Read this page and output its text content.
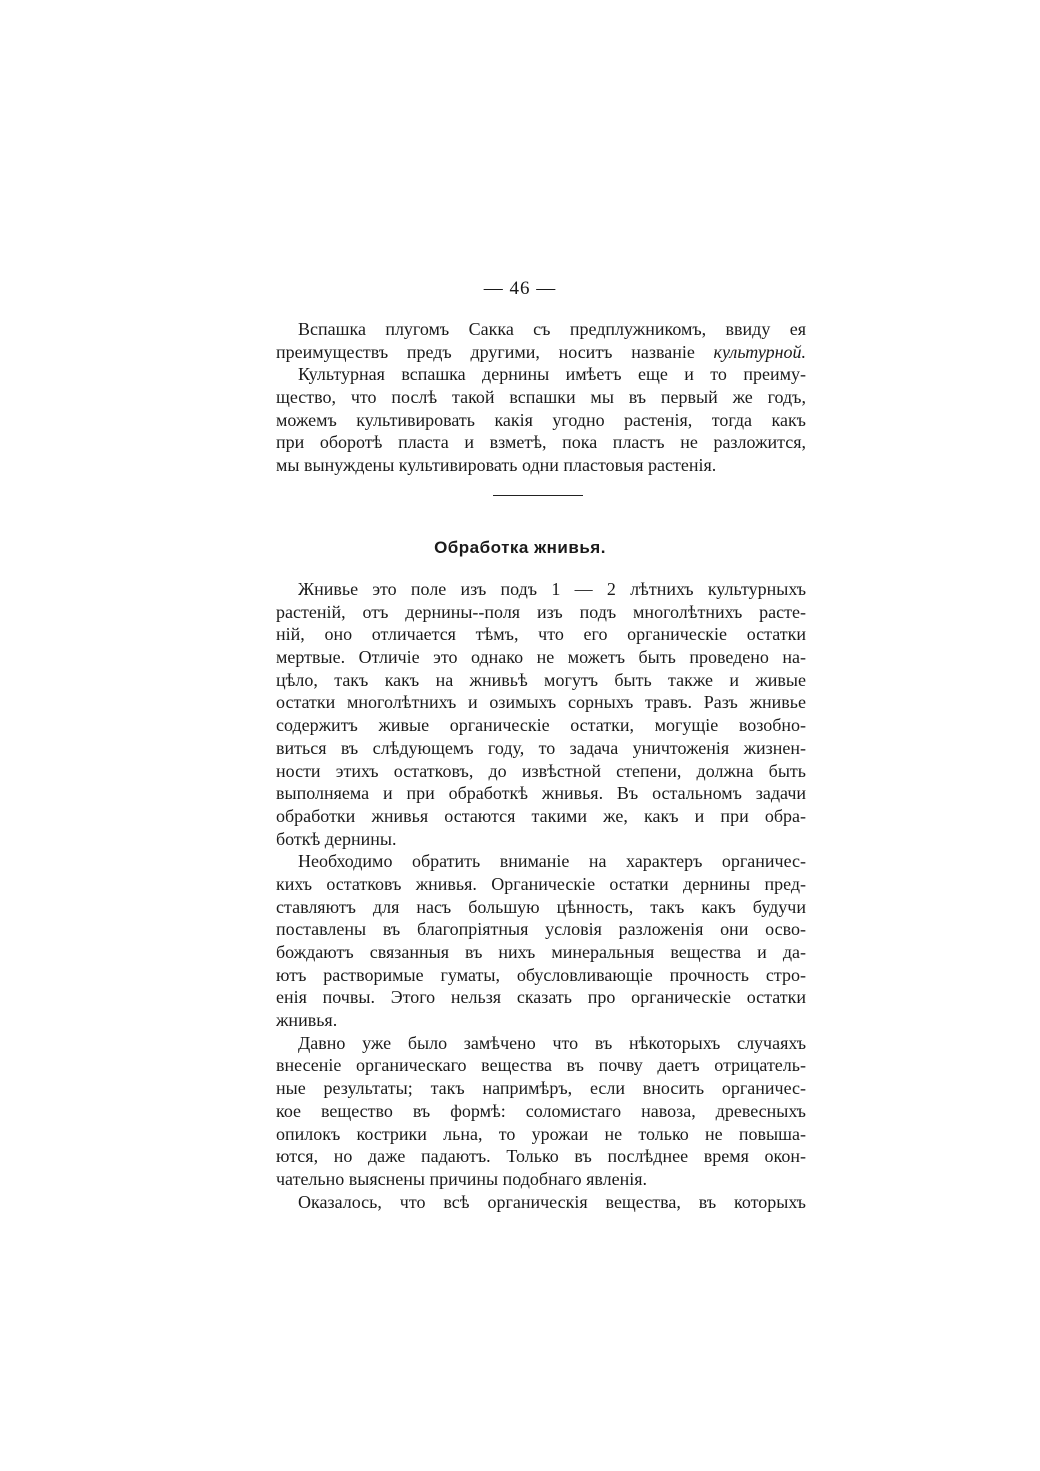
— 46 —
Вспашка плугомъ Сакка съ предплужникомъ, ввиду ея
преимуществъ предъ другими, носитъ названіе культурной.
Культурная вспашка дернины имѣетъ еще и то преиму-
щество, что послѣ такой вспашки мы въ первый же годъ,
можемъ культивировать какія угодно растенія, тогда какъ
при оборотѣ пласта и взметѣ, пока пластъ не разложится,
мы вынуждены культивировать одни пластовыя растенія.
Обработка жнивья.
Жнивье это поле изъ подъ 1 — 2 лѣтнихъ культурныхъ
растеній, отъ дернины--поля изъ подъ многолѣтнихъ расте-
ній, оно отличается тѣмъ, что его органическіе остатки
мертвые. Отличіе это однако не можетъ быть проведено на-
цѣло, такъ какъ на жнивьѣ могутъ быть также и живые
остатки многолѣтнихъ и озимыхъ сорныхъ травъ. Разъ жнивье
содержитъ живые органическіе остатки, могущіе возобно-
виться въ слѣдующемъ году, то задача уничтоженія жизнен-
ности этихъ остатковъ, до извѣстной степени, должна быть
выполняема и при обработкѣ жнивья. Въ остальномъ задачи
обработки жнивья остаются такими же, какъ и при обра-
боткѣ дернины.
Необходимо обратить вниманіе на характеръ органичес-
кихъ остатковъ жнивья. Органическіе остатки дернины пред-
ставляютъ для насъ большую цѣнность, такъ какъ будучи
поставлены въ благопріятныя условія разложенія они осво-
бождаютъ связанныя въ нихъ минеральныя вещества и да-
ютъ растворимые гуматы, обусловливающіе прочность стро-
енія почвы. Этого нельзя сказать про органическіе остатки
жнивья.
Давно уже было замѣчено что въ нѣкоторыхъ случаяхъ
внесеніе органическаго вещества въ почву даетъ отрицатель-
ные результаты; такъ напримѣръ, если вносить органичес-
кое вещество въ формѣ: соломистаго навоза, древесныхъ
опилокъ кострики льна, то урожаи не только не повыша-
ются, но даже падаютъ. Только въ послѣднее время окон-
чательно выяснены причины подобнаго явленія.
Оказалось, что всѣ органическія вещества, въ которыхъ
